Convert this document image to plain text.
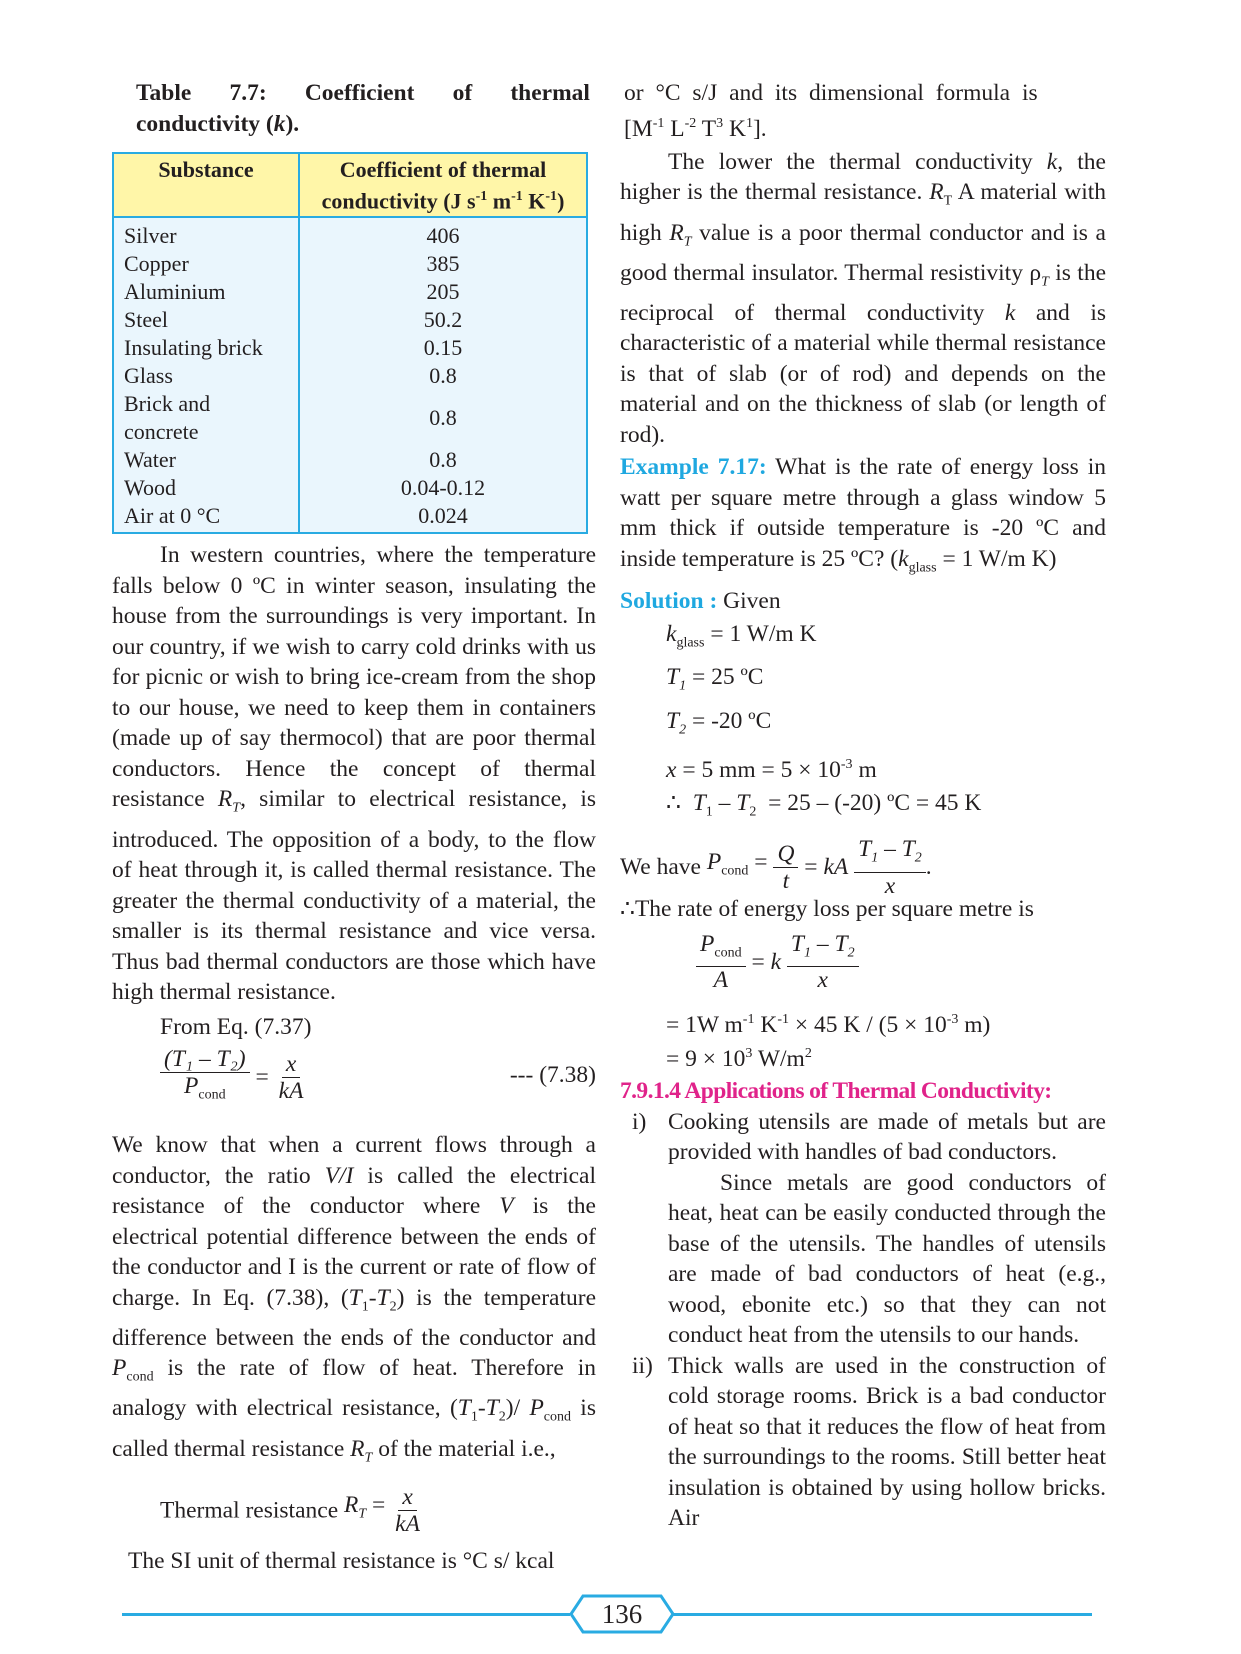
Table 7.7: Coefficient of thermal
conductivity (k).
Substance	Coefficient of thermal
conductivity (J $s^{-1}$ $m^{-1}$ $K^{-1}$)

Silver	406
Copper	385
Aluminium	205
Steel	50.2
Insulating brick	0.15
Glass	0.8
Brick and concrete	0.8
Water	0.8
Wood	0.04-0.12
Air at 0 °C	0.024

In western countries, where the temperature falls below 0 ºC in winter season, insulating the house from the surroundings is very important. In our country, if we wish to carry cold drinks with us for picnic or wish to bring ice-cream from the shop to our house, we need to keep them in containers (made up of say thermocol) that are poor thermal conductors. Hence the concept of thermal resistance $R_T$, similar to electrical resistance, is introduced. The opposition of a body, to the flow of heat through it, is called thermal resistance. The greater the thermal conductivity of a material, the smaller is its thermal resistance and vice versa. Thus bad thermal conductors are those which have high thermal resistance.

From Eq. (7.37)
$\frac{\text{(T₁ – T₂)}}{P_{cond}} = \frac{x}{kA}$	--- (7.38)

We know that when a current flows through a conductor, the ratio V/I is called the electrical resistance of the conductor where V is the electrical potential difference between the ends of the conductor and I is the current or rate of flow of charge. In Eq. (7.38), $(T_1-T_2)$ is the temperature difference between the ends of the conductor and $P_{cond}$ is the rate of flow of heat. Therefore in analogy with electrical resistance, $(T_1-T_2)/$ $P_{cond}$ is called thermal resistance $R_T$ of the material i.e.,

Thermal resistance $R_T = \frac{x}{kA}$
The SI unit of thermal resistance is °C s/ kcal

or °C s/J and its dimensional formula is

[$M^{-1}$ $L^{-2}$ $T^3$ $K^1$].

The lower the thermal conductivity k, the higher is the thermal resistance. $R_T$ A material with high $R_T$ value is a poor thermal conductor and is a good thermal insulator. Thermal resistivity $\rho_T$ is the reciprocal of thermal conductivity k and is characteristic of a material while thermal resistance is that of slab (or of rod) and depends on the material and on the thickness of slab (or length of rod).

Example 7.17: What is the rate of energy loss in watt per square metre through a glass window 5 mm thick if outside temperature is -20 ºC and inside temperature is 25 ºC? ($k_{glass} = 1$ W/m K)

Solution : Given
$k_{glass} = 1$ W/m K
$T_1 = 25$ ºC
$T_2 = -20$ ºC
x = 5 mm = $5 \times 10^{-3}$ m
∴  $T_1 - T_2 = 25 - (-20)$ ºC = 45 K
We have $P_{cond} = \frac{Q}{t}$ = kA $\frac{T_1 - T_2}{x}$ .
∴The rate of energy loss per square metre is
$\frac{P_{cond}}{A} = k \frac{T_1 - T_2}{x}$
= 1W $m^{-1}$ $K^{-1} \times 45$ $K / (5 \times 10^{-3}$ m)
= $9 \times 10^3$ $W/m^2$
7.9.1.4 Applications of Thermal Conductivity:
i) Cooking utensils are made of metals but are provided with handles of bad conductors.
Since metals are good conductors of heat, heat can be easily conducted through the base of the utensils. The handles of utensils are made of bad conductors of heat (e.g., wood, ebonite etc.) so that they can not conduct heat from the utensils to our hands.
ii) Thick walls are used in the construction of cold storage rooms. Brick is a bad conductor of heat so that it reduces the flow of heat from the surroundings to the rooms. Still better heat insulation is obtained by using hollow bricks. Air
136
